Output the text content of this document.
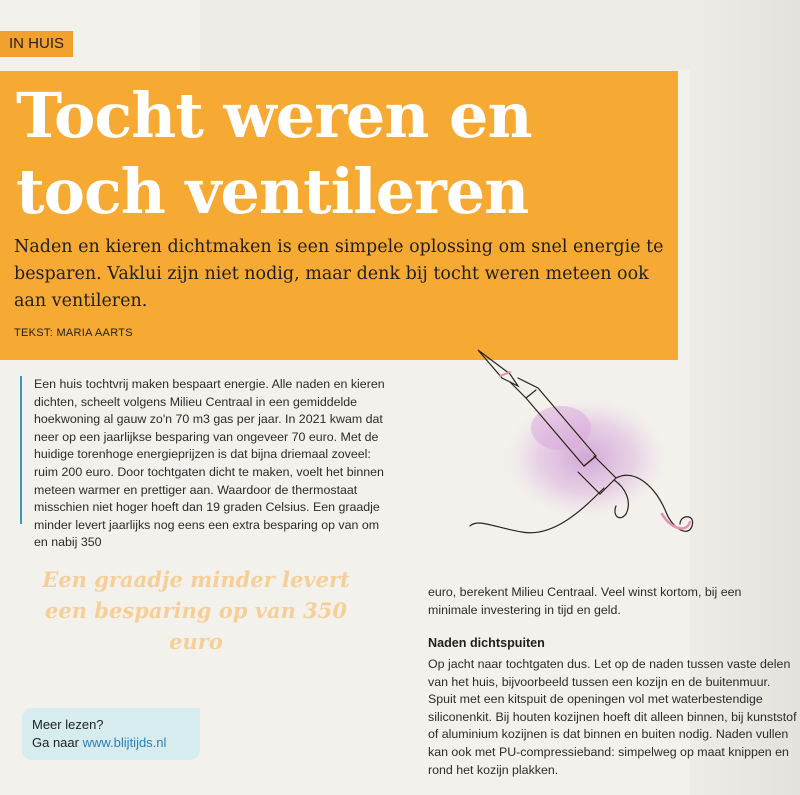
IN HUIS
Tocht weren en toch ventileren

Naden en kieren dichtmaken is een simpele oplossing om snel energie te besparen. Vaklui zijn niet nodig, maar denk bij tocht weren meteen ook aan ventileren.

TEKST: MARIA AARTS

Een huis tochtvrij maken bespaart energie. Alle naden en kieren dichten, scheelt volgens Milieu Centraal in een gemiddelde hoekwoning al gauw zo'n 70 m3 gas per jaar. In 2021 kwam dat neer op een jaarlijkse besparing van ongeveer 70 euro. Met de huidige torenhoge energieprijzen is dat bijna driemaal zoveel: ruim 200 euro. Door tochtgaten dicht te maken, voelt het binnen meteen warmer en prettiger aan. Waardoor de thermostaat misschien niet hoger hoeft dan 19 graden Celsius. Een graadje minder levert jaarlijks nog eens een extra besparing op van om en nabij 350

Een graadje minder levert een besparing op van 350 euro

euro, berekent Milieu Centraal. Veel winst kortom, bij een minimale investering in tijd en geld.

Naden dichtspuiten

Op jacht naar tochtgaten dus. Let op de naden tussen vaste delen van het huis, bijvoorbeeld tussen een kozijn en de buitenmuur. Spuit met een kitspuit de openingen vol met waterbestendige siliconenkit. Bij houten kozijnen hoeft dit alleen binnen, bij kunststof of aluminium kozijnen is dat binnen en buiten nodig. Naden vullen kan ook met PU-compressieband: simpelweg op maat knippen en rond het kozijn plakken.

Meer lezen?
Ga naar www.blijtijds.nl
